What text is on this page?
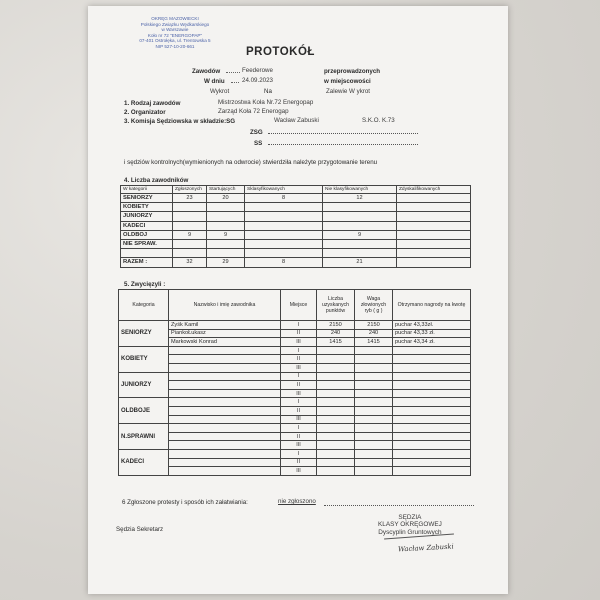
OKRĘG MAZOWIECKI
Polskiego Związku Wędkarskiego
w Warszawie
Koło nr 72 "ENERGOPAP"
07-401 Ostrołęka, ul. Trentowska 5
NIP 527-10-20-661	PROTOKÓŁ
Zawodów	Feederowe	przeprowadzonych
W dniu	24.09.2023	w miejscowości
Wykrot	Na	Zalewie W ykrot
1. Rodzaj zawodów	Mistrzostwa Koła Nr.72 Energopap
2. Organizator	Zarząd Koła 72 Enerogap
3. Komisja Sędziowska w składzie:SG	Wacław Zabuski	S.K.O. K.73
ZSG
SS
i sędziów kontrolnych(wymienionych na odwrocie) stwierdziła należyte przygotowanie terenu
4. Liczba zawodników
W kategorii	Zgłoszonych	Startujących	Sklasyfikowanych	Nie klasyfikowanych	Zdyskalifikowanych
SENIORZY	23	20	8	12	
KOBIETY					
JUNIORZY					
KADECI					
OLDBOJ	9	9		9	
NIE SPRAW.					

RAZEM :	32	29	8	21	
5. Zwycięzyli :
Kategoria	Nazwisko i imię zawodnika	Miejsce	Liczba uzyskanych punktów	Waga złowionych ryb ( g )	Otrzymano nagrody na kwotę
SENIORZY	Zyśk Kamil	I	2150	2150	puchar 43,33zł.
	PiankoŁukasz	II	240	240	puchar 43,33 zł.
	Markowski Konrad	III	1415	1415	puchar 43,34 zł.
KOBIETY		I			
		II			
		III			
JUNIORZY		I			
		II			
		III			
OLDBOJE		I			
		II			
		III			
N.SPRAWNI		I			
		II			
		III			
KADECI		I			
		II			
		III			
6 Zgłoszone protesty i sposób ich załatwiania:	nie zgłoszono
Sędzia Sekretarz
SĘDZIA
KLASY OKRĘGOWEJ
Dyscyplin Gruntowych
Wacław Zabuski
